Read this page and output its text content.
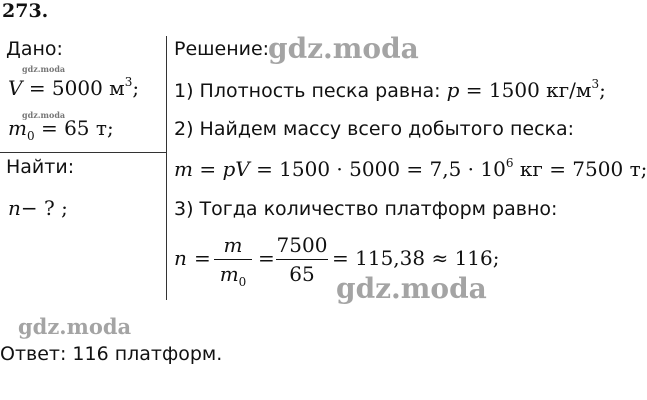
273.
Дано:
gdz.moda
V = 5000 $м^3$;
gdz.moda
$m_0 = 65$ т;
Найти:
n− ? ;
Решение:
gdz.moda
1) Плотность песка равна: p = 1500 $кг/м^3$;
2) Найдем массу всего добытого песка:
m = pV = $1500 \cdot 5000 = 7,5 \cdot 10^6$ кг = 7500 т;
3) Тогда количество платформ равно:
n =
m
$m_0$
=
7500
65
= 115,38 ≈ 116;
gdz.moda
gdz.moda
Ответ: 116 платформ.
